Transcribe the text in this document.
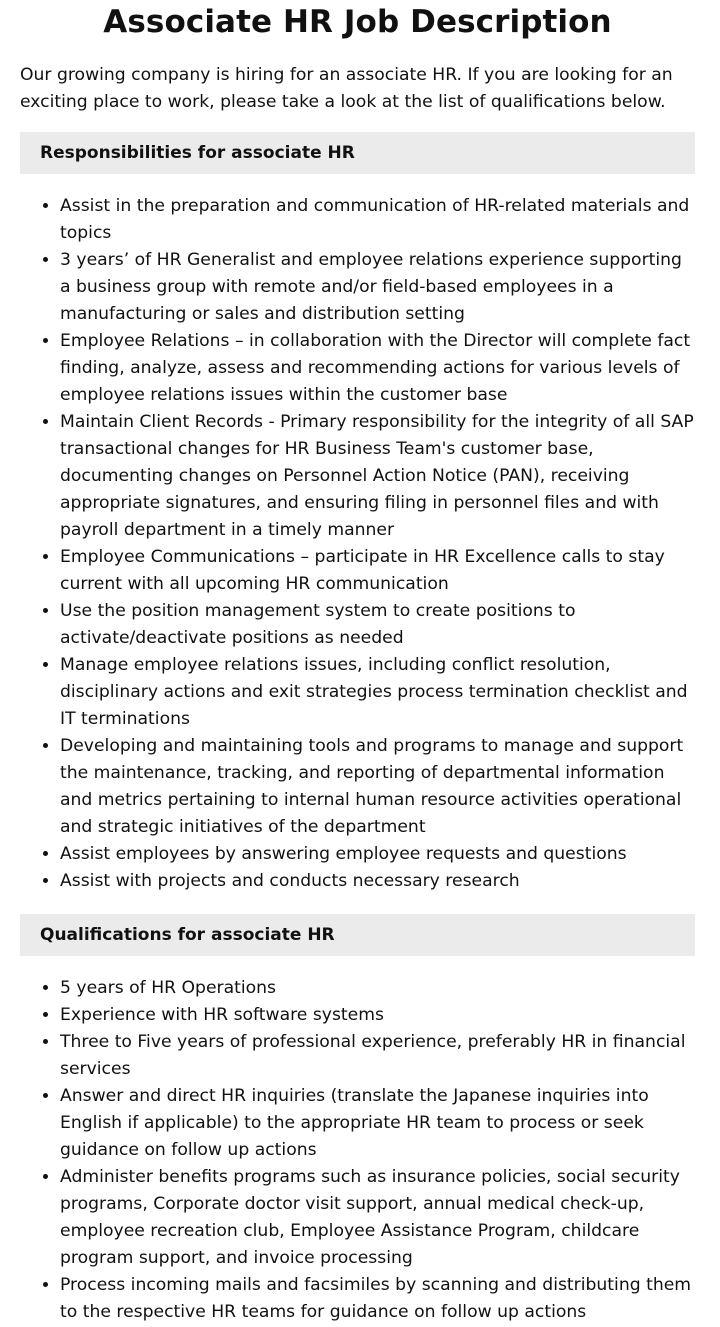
Associate HR Job Description

Our growing company is hiring for an associate HR. If you are looking for an exciting place to work, please take a look at the list of qualifications below.

Responsibilities for associate HR
• Assist in the preparation and communication of HR-related materials and topics
• 3 years’ of HR Generalist and employee relations experience supporting a business group with remote and/or field-based employees in a manufacturing or sales and distribution setting
• Employee Relations – in collaboration with the Director will complete fact finding, analyze, assess and recommending actions for various levels of employee relations issues within the customer base
• Maintain Client Records - Primary responsibility for the integrity of all SAP transactional changes for HR Business Team's customer base, documenting changes on Personnel Action Notice (PAN), receiving appropriate signatures, and ensuring filing in personnel files and with payroll department in a timely manner
• Employee Communications – participate in HR Excellence calls to stay current with all upcoming HR communication
• Use the position management system to create positions to activate/deactivate positions as needed
• Manage employee relations issues, including conflict resolution, disciplinary actions and exit strategies process termination checklist and IT terminations
• Developing and maintaining tools and programs to manage and support the maintenance, tracking, and reporting of departmental information and metrics pertaining to internal human resource activities operational and strategic initiatives of the department
• Assist employees by answering employee requests and questions
• Assist with projects and conducts necessary research
Qualifications for associate HR
• 5 years of HR Operations
• Experience with HR software systems
• Three to Five years of professional experience, preferably HR in financial services
• Answer and direct HR inquiries (translate the Japanese inquiries into English if applicable) to the appropriate HR team to process or seek guidance on follow up actions
• Administer benefits programs such as insurance policies, social security programs, Corporate doctor visit support, annual medical check-up, employee recreation club, Employee Assistance Program, childcare program support, and invoice processing
• Process incoming mails and facsimiles by scanning and distributing them to the respective HR teams for guidance on follow up actions
